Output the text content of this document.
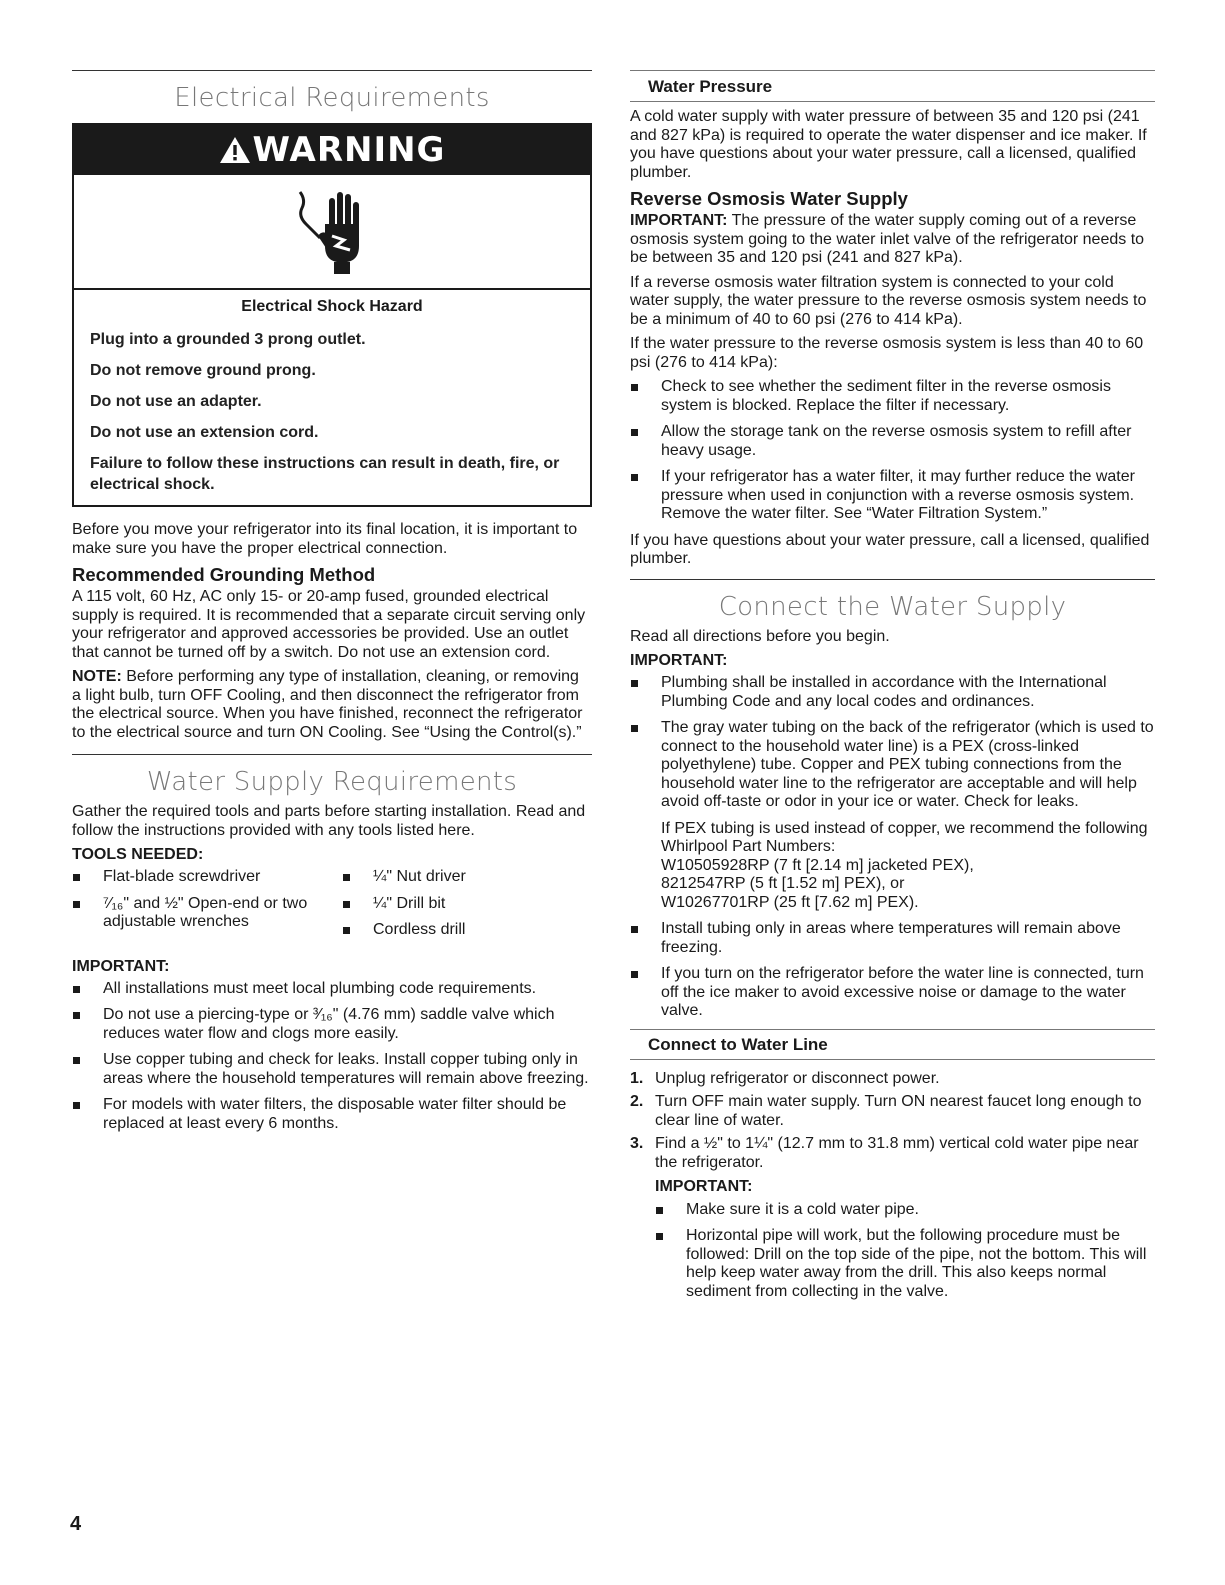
Electrical Requirements
WARNING
Electrical Shock Hazard
Plug into a grounded 3 prong outlet.
Do not remove ground prong.
Do not use an adapter.
Do not use an extension cord.
Failure to follow these instructions can result in death, fire, or electrical shock.

Before you move your refrigerator into its final location, it is important to make sure you have the proper electrical connection.

Recommended Grounding Method

A 115 volt, 60 Hz, AC only 15- or 20-amp fused, grounded electrical supply is required. It is recommended that a separate circuit serving only your refrigerator and approved accessories be provided. Use an outlet that cannot be turned off by a switch. Do not use an extension cord.

NOTE: Before performing any type of installation, cleaning, or removing a light bulb, turn OFF Cooling, and then disconnect the refrigerator from the electrical source. When you have finished, reconnect the refrigerator to the electrical source and turn ON Cooling. See “Using the Control(s).”

Water Supply Requirements

Gather the required tools and parts before starting installation. Read and follow the instructions provided with any tools listed here.

TOOLS NEEDED:
Flat-blade screwdriver
⁷⁄₁₆" and ½" Open-end or two adjustable wrenches
¼" Nut driver
¼" Drill bit
Cordless drill
IMPORTANT:
All installations must meet local plumbing code requirements.
Do not use a piercing-type or ³⁄₁₆" (4.76 mm) saddle valve which reduces water flow and clogs more easily.
Use copper tubing and check for leaks. Install copper tubing only in areas where the household temperatures will remain above freezing.
For models with water filters, the disposable water filter should be replaced at least every 6 months.
Water Pressure

A cold water supply with water pressure of between 35 and 120 psi (241 and 827 kPa) is required to operate the water dispenser and ice maker. If you have questions about your water pressure, call a licensed, qualified plumber.

Reverse Osmosis Water Supply

IMPORTANT: The pressure of the water supply coming out of a reverse osmosis system going to the water inlet valve of the refrigerator needs to be between 35 and 120 psi (241 and 827 kPa).

If a reverse osmosis water filtration system is connected to your cold water supply, the water pressure to the reverse osmosis system needs to be a minimum of 40 to 60 psi (276 to 414 kPa).

If the water pressure to the reverse osmosis system is less than 40 to 60 psi (276 to 414 kPa):

Check to see whether the sediment filter in the reverse osmosis system is blocked. Replace the filter if necessary.
Allow the storage tank on the reverse osmosis system to refill after heavy usage.
If your refrigerator has a water filter, it may further reduce the water pressure when used in conjunction with a reverse osmosis system. Remove the water filter. See “Water Filtration System.”

If you have questions about your water pressure, call a licensed, qualified plumber.

Connect the Water Supply

Read all directions before you begin.

IMPORTANT:
Plumbing shall be installed in accordance with the International Plumbing Code and any local codes and ordinances.
The gray water tubing on the back of the refrigerator (which is used to connect to the household water line) is a PEX (cross-linked polyethylene) tube. Copper and PEX tubing connections from the household water line to the refrigerator are acceptable and will help avoid off-taste or odor in your ice or water. Check for leaks.

If PEX tubing is used instead of copper, we recommend the following Whirlpool Part Numbers:

W10505928RP (7 ft [2.14 m] jacketed PEX),

8212547RP (5 ft [1.52 m] PEX), or

W10267701RP (25 ft [7.62 m] PEX).

Install tubing only in areas where temperatures will remain above freezing.
If you turn on the refrigerator before the water line is connected, turn off the ice maker to avoid excessive noise or damage to the water valve.
Connect to Water Line
1. Unplug refrigerator or disconnect power.
2. Turn OFF main water supply. Turn ON nearest faucet long enough to clear line of water.
3. Find a ½" to 1¼" (12.7 mm to 31.8 mm) vertical cold water pipe near the refrigerator.
IMPORTANT:
Make sure it is a cold water pipe.
Horizontal pipe will work, but the following procedure must be followed: Drill on the top side of the pipe, not the bottom. This will help keep water away from the drill. This also keeps normal sediment from collecting in the valve.
4
